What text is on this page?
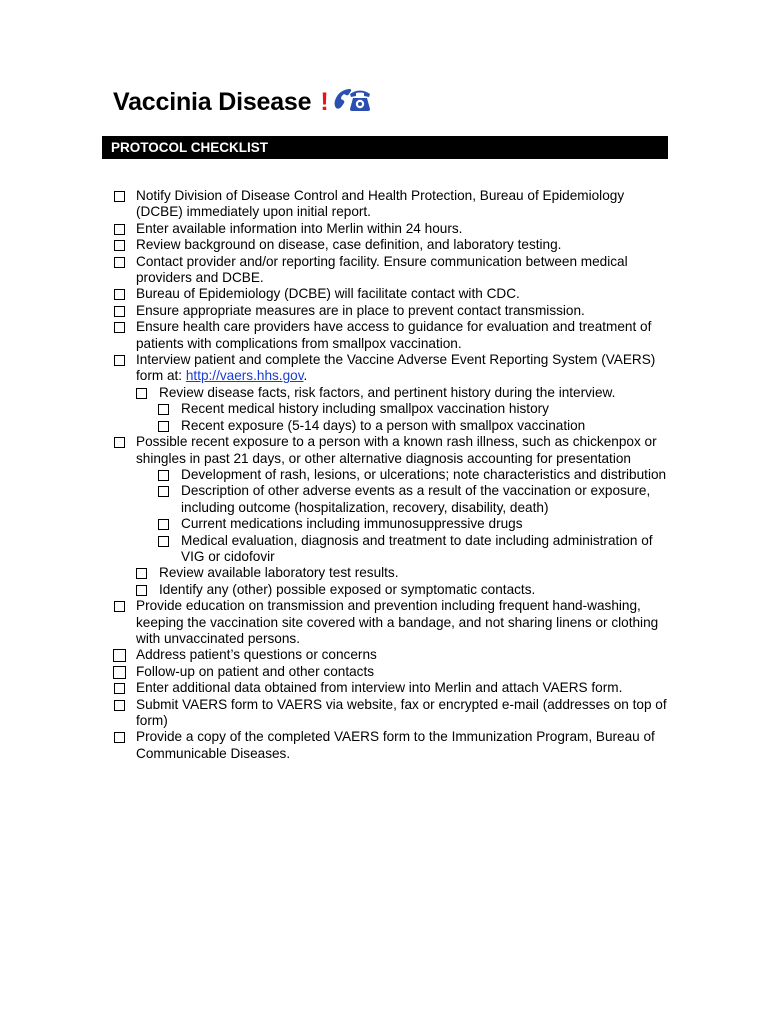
Vaccinia Disease !
PROTOCOL CHECKLIST
Notify Division of Disease Control and Health Protection, Bureau of Epidemiology (DCBE) immediately upon initial report.
Enter available information into Merlin within 24 hours.
Review background on disease, case definition, and laboratory testing.
Contact provider and/or reporting facility. Ensure communication between medical providers and DCBE.
Bureau of Epidemiology (DCBE) will facilitate contact with CDC.
Ensure appropriate measures are in place to prevent contact transmission.
Ensure health care providers have access to guidance for evaluation and treatment of patients with complications from smallpox vaccination.
Interview patient and complete the Vaccine Adverse Event Reporting System (VAERS) form at: http://vaers.hhs.gov.
Review disease facts, risk factors, and pertinent history during the interview.
Recent medical history including smallpox vaccination history
Recent exposure (5-14 days) to a person with smallpox vaccination
Possible recent exposure to a person with a known rash illness, such as chickenpox or shingles in past 21 days, or other alternative diagnosis accounting for presentation
Development of rash, lesions, or ulcerations; note characteristics and distribution
Description of other adverse events as a result of the vaccination or exposure, including outcome (hospitalization, recovery, disability, death)
Current medications including immunosuppressive drugs
Medical evaluation, diagnosis and treatment to date including administration of VIG or cidofovir
Review available laboratory test results.
Identify any (other) possible exposed or symptomatic contacts.
Provide education on transmission and prevention including frequent hand-washing, keeping the vaccination site covered with a bandage, and not sharing linens or clothing with unvaccinated persons.
Address patient’s questions or concerns
Follow-up on patient and other contacts
Enter additional data obtained from interview into Merlin and attach VAERS form.
Submit VAERS form to VAERS via website, fax or encrypted e-mail (addresses on top of form)
Provide a copy of the completed VAERS form to the Immunization Program, Bureau of Communicable Diseases.
